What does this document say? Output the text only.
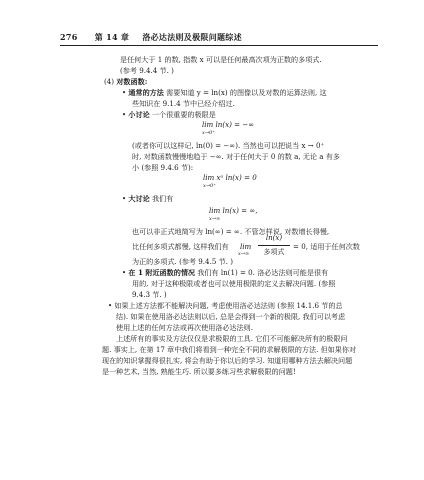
276 第 14 章 洛必达法则及极限问题综述
是任何大于 1 的数, 指数 x 可以是任何最高次项为正数的多项式.
(参考 9.4.4 节. )
(4) 对数函数:
• 通常的方法 需要知道 y = ln(x) 的图像以及对数的运算法则, 这
些知识在 9.1.4 节中已经介绍过.
• 小讨论 一个很重要的极限是
lim ln(x) = −∞
x→0⁺
(或者你可以这样记, ln(0) = −∞). 当然也可以把说当 x → 0⁺
时, 对数函数慢慢地趋于 −∞. 对于任何大于 0 的数 a, 无论 a 有多
小 (参照 9.4.6 节):
lim xᵃ ln(x) = 0
x→0⁺
• 大讨论 我们有
lim ln(x) = ∞,
x→∞
也可以非正式地简写为 ln(∞) = ∞. 不管怎样说, 对数增长得慢,
比任何多项式都慢, 这样我们有 lim
x→∞
ln(x)
多项式
= 0, 适用于任何次数
为正的多项式. (参考 9.4.5 节. )
• 在 1 附近函数的情况 我们有 ln(1) = 0. 洛必达法则可能是很有
用的, 对于这种极限或者也可以使用极限的定义去解决问题. (参照
9.4.3 节. )
• 如果上述方法都不能解决问题, 考虑使用洛必达法则 (参照 14.1.6 节的总
结). 如果在使用洛必达法则以后, 总是会得到一个新的极限, 我们可以考虑
使用上述的任何方法或再次使用洛必达法则.
上述所有的事实及方法仅仅是求极限的工具. 它们不可能解决所有的极限问
题. 事实上, 在第 17 章中我们将看到一种完全不同的求解极限的方法. 但如果你对
现在的知识掌握得很扎实, 将会有助于你以后的学习. 知道用哪种方法去解决问题
是一种艺术, 当然, 熟能生巧. 所以要多练习些求解极限的问题!
